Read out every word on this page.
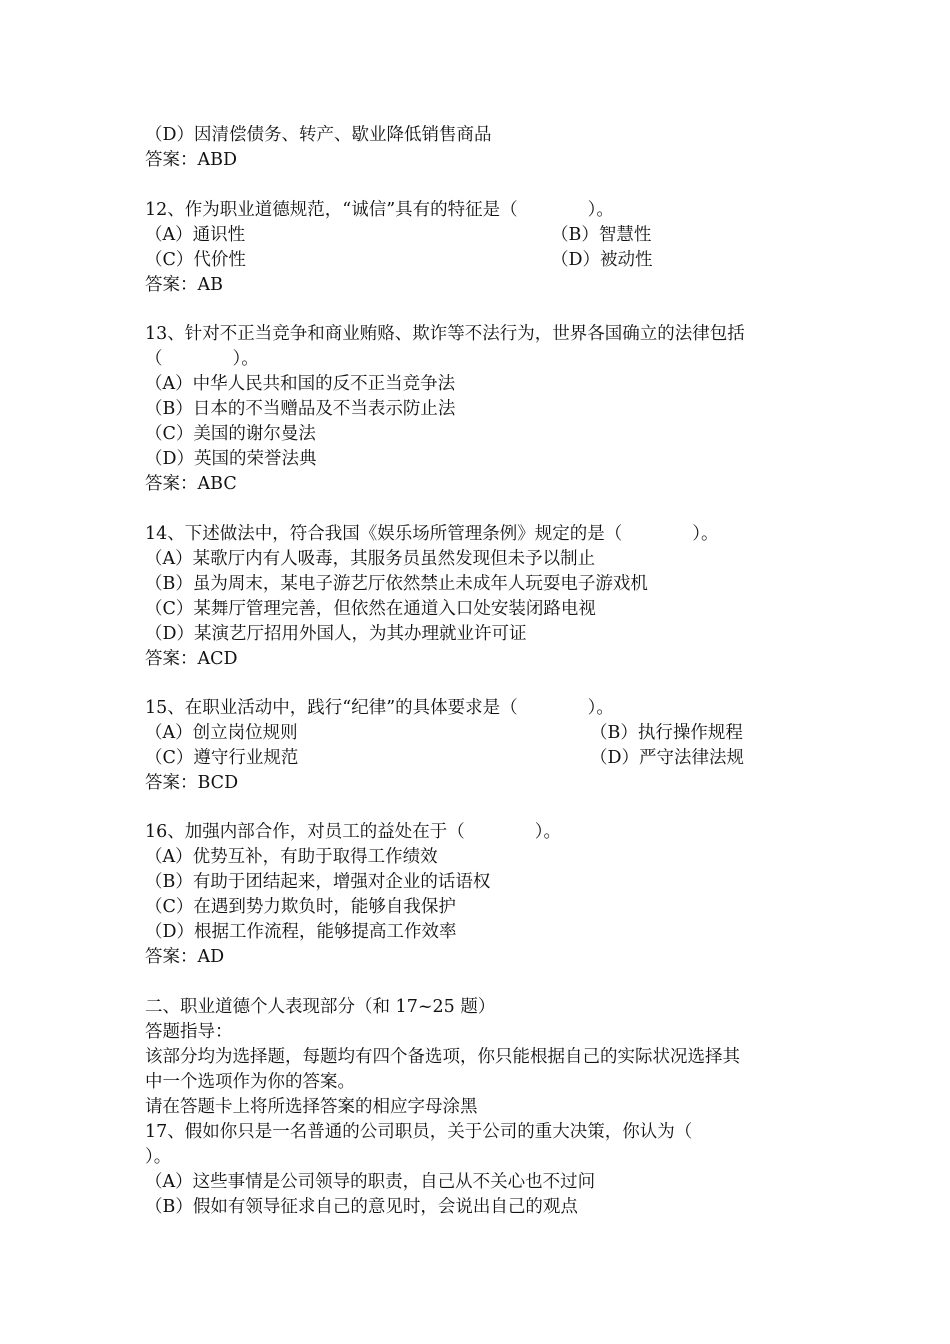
（D）因清偿债务、转产、歇业降低销售商品
答案：ABD
12、作为职业道德规范，“诚信”具有的特征是（　　　　）。
（A）通识性	（B）智慧性
（C）代价性	（D）被动性
答案：AB
13、针对不正当竞争和商业贿赂、欺诈等不法行为，世界各国确立的法律包括
（　　　　）。
（A）中华人民共和国的反不正当竞争法
（B）日本的不当赠品及不当表示防止法
（C）美国的谢尔曼法
（D）英国的荣誉法典
答案：ABC
14、下述做法中，符合我国《娱乐场所管理条例》规定的是（　　　　）。
（A）某歌厅内有人吸毒，其服务员虽然发现但未予以制止
（B）虽为周末，某电子游艺厅依然禁止未成年人玩耍电子游戏机
（C）某舞厅管理完善，但依然在通道入口处安装闭路电视
（D）某演艺厅招用外国人，为其办理就业许可证
答案：ACD
15、在职业活动中，践行“纪律”的具体要求是（　　　　）。
（A）创立岗位规则	（B）执行操作规程
（C）遵守行业规范	（D）严守法律法规
答案：BCD
16、加强内部合作，对员工的益处在于（　　　　）。
（A）优势互补，有助于取得工作绩效
（B）有助于团结起来，增强对企业的话语权
（C）在遇到势力欺负时，能够自我保护
（D）根据工作流程，能够提高工作效率
答案：AD
二、职业道德个人表现部分（和 17~25 题）
答题指导：
该部分均为选择题，每题均有四个备选项，你只能根据自己的实际状况选择其
中一个选项作为你的答案。
请在答题卡上将所选择答案的相应字母涂黑
17、假如你只是一名普通的公司职员，关于公司的重大决策，你认为（
）。
（A）这些事情是公司领导的职责，自己从不关心也不过问
（B）假如有领导征求自己的意见时，会说出自己的观点
